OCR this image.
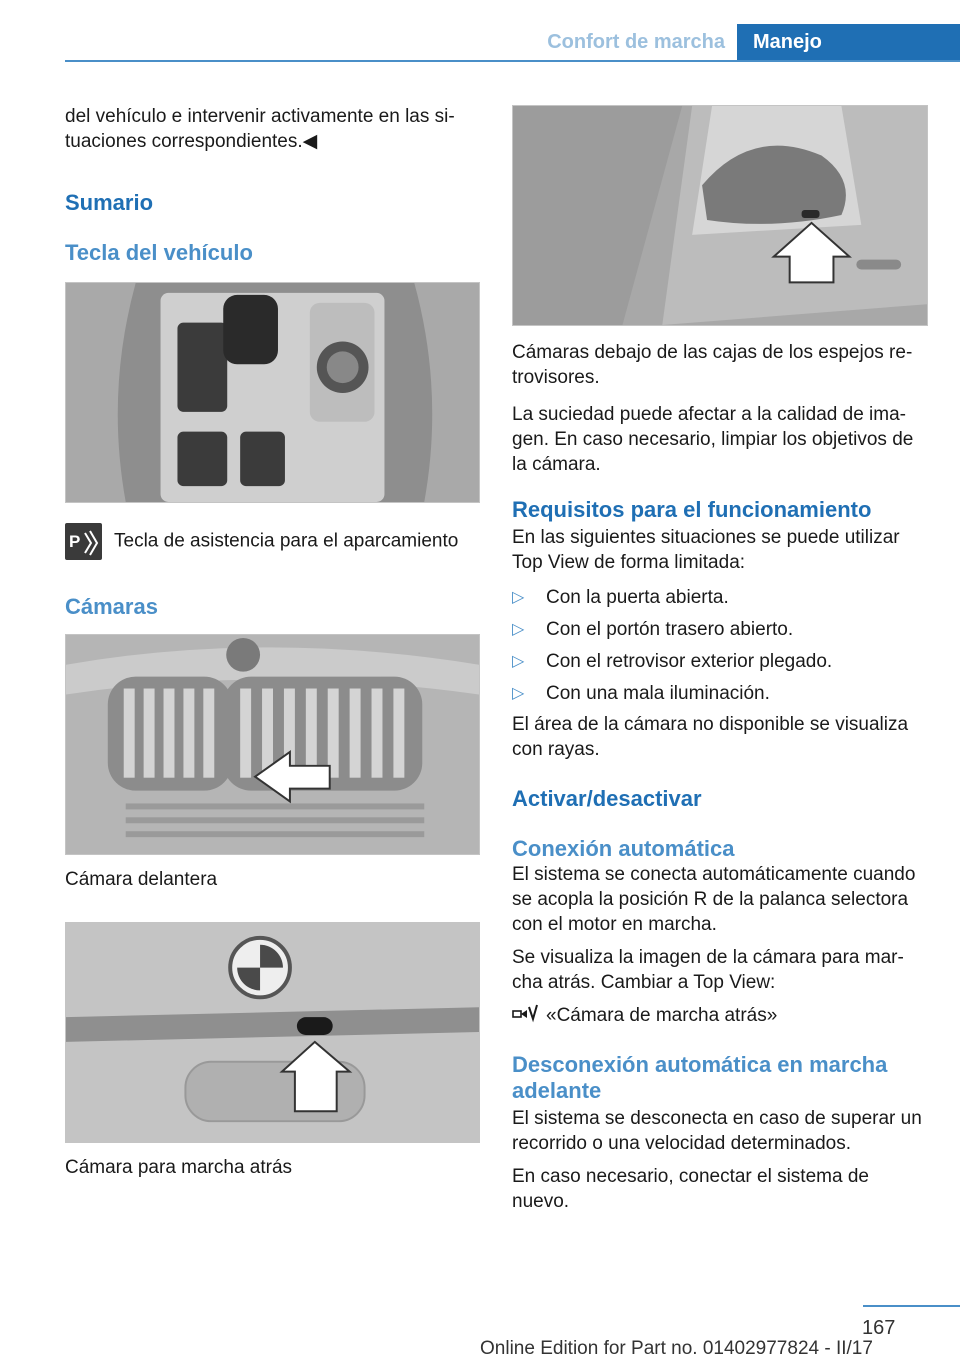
Confort de marcha	Manejo

del vehículo e intervenir activamente en las si‐ tuaciones correspondientes.◀

Sumario
Tecla del vehículo
P Tecla de asistencia para el aparcamiento
Cámaras

Cámara delantera

Cámara para marcha atrás

Cámaras debajo de las cajas de los espejos re‐ trovisores.

La suciedad puede afectar a la calidad de ima‐ gen. En caso necesario, limpiar los objetivos de la cámara.

Requisitos para el funcionamiento

En las siguientes situaciones se puede utilizar Top View de forma limitada:

▷ Con la puerta abierta.
▷ Con el portón trasero abierto.
▷ Con el retrovisor exterior plegado.
▷ Con una mala iluminación.

El área de la cámara no disponible se visualiza con rayas.

Activar/desactivar
Conexión automática

El sistema se conecta automáticamente cuando se acopla la posición R de la palanca selectora con el motor en marcha.

Se visualiza la imagen de la cámara para mar‐ cha atrás. Cambiar a Top View:

«Cámara de marcha atrás»
Desconexión automática en marcha adelante

El sistema se desconecta en caso de superar un recorrido o una velocidad determinados.

En caso necesario, conectar el sistema de nuevo.

167
Online Edition for Part no. 01402977824 - II/17
